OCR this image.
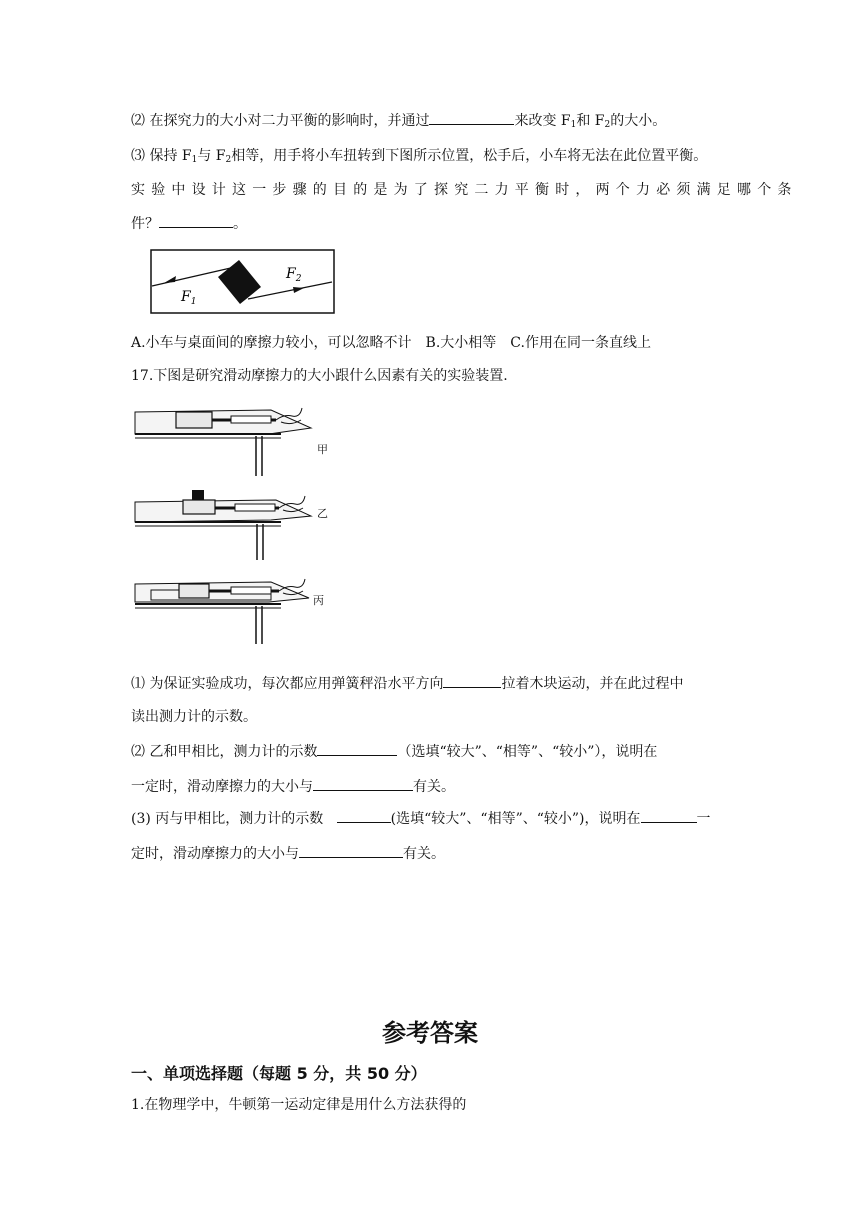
⑵ 在探究力的大小对二力平衡的影响时，并通过	来改变 $F_1$和 $F_2$的大小。
⑶ 保持 $F_1$与 $F_2$相等，用手将小车扭转到下图所示位置，松手后，小车将无法在此位置平衡。
实验中设计这一步骤的目的是为了探究二力平衡时，两个力必须满足哪个条
件？	。
$F_1$
$F_2$
A.小车与桌面间的摩擦力较小，可以忽略不计　B.大小相等　C.作用在同一条直线上
17.下图是研究滑动摩擦力的大小跟什么因素有关的实验装置.
甲
乙
丙
⑴ 为保证实验成功，每次都应用弹簧秤沿水平方向	拉着木块运动，并在此过程中
读出测力计的示数。
⑵ 乙和甲相比，测力计的示数	（选填“较大”、“相等”、“较小”），说明在
一定时，滑动摩擦力的大小与	有关。
(3) 丙与甲相比，测力计的示数	(选填“较大”、“相等”、“较小”)，说明在	一
定时，滑动摩擦力的大小与	有关。
参考答案
一、单项选择题（每题 5 分，共 50 分）
1.在物理学中，牛顿第一运动定律是用什么方法获得的
